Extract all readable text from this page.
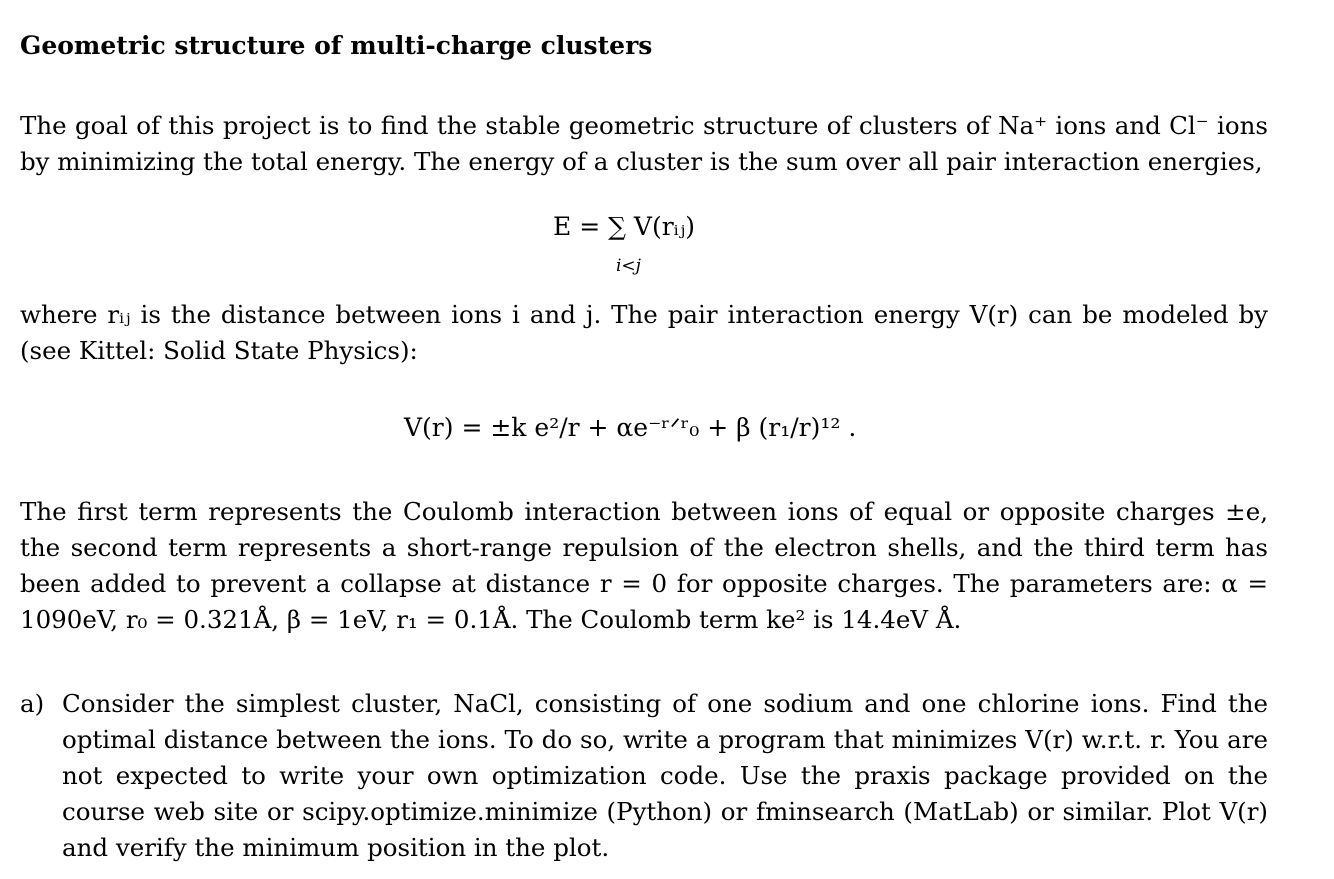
Geometric structure of multi-charge clusters
The goal of this project is to find the stable geometric structure of clusters of Na⁺ ions and Cl⁻ ions by minimizing the total energy. The energy of a cluster is the sum over all pair interaction energies,
E = ∑ V(rᵢⱼ)
i<j
where rᵢⱼ is the distance between ions i and j. The pair interaction energy V(r) can be modeled by (see Kittel: Solid State Physics):
V(r) = ±k e²/r + αe⁻ʳᐟʳ₀ + β (r₁/r)¹² .
The first term represents the Coulomb interaction between ions of equal or opposite charges ±e, the second term represents a short-range repulsion of the electron shells, and the third term has been added to prevent a collapse at distance r = 0 for opposite charges. The parameters are: α = 1090eV, r₀ = 0.321Å, β = 1eV, r₁ = 0.1Å. The Coulomb term ke² is 14.4eV Å.
a) Consider the simplest cluster, NaCl, consisting of one sodium and one chlorine ions. Find the optimal distance between the ions. To do so, write a program that minimizes V(r) w.r.t. r. You are not expected to write your own optimization code. Use the praxis package provided on the course web site or scipy.optimize.minimize (Python) or fminsearch (MatLab) or similar. Plot V(r) and verify the minimum position in the plot.
